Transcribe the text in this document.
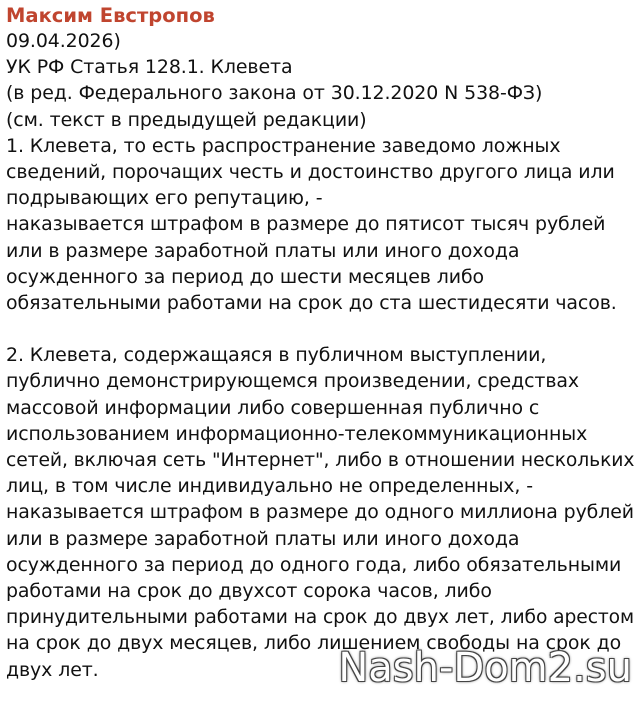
Максим Евстропов
09.04.2026)
УК РФ Статья 128.1. Клевета
(в ред. Федерального закона от 30.12.2020 N 538-ФЗ)
(см. текст в предыдущей редакции)
1. Клевета, то есть распространение заведомо ложных
сведений, порочащих честь и достоинство другого лица или
подрывающих его репутацию, -
наказывается штрафом в размере до пятисот тысяч рублей
или в размере заработной платы или иного дохода
осужденного за период до шести месяцев либо
обязательными работами на срок до ста шестидесяти часов.
2. Клевета, содержащаяся в публичном выступлении,
публично демонстрирующемся произведении, средствах
массовой информации либо совершенная публично с
использованием информационно-телекоммуникационных
сетей, включая сеть "Интернет", либо в отношении нескольких
лиц, в том числе индивидуально не определенных, -
наказывается штрафом в размере до одного миллиона рублей
или в размере заработной платы или иного дохода
осужденного за период до одного года, либо обязательными
работами на срок до двухсот сорока часов, либо
принудительными работами на срок до двух лет, либо арестом
на срок до двух месяцев, либо лишением свободы на срок до
двух лет.	Nash-Dom2.su
